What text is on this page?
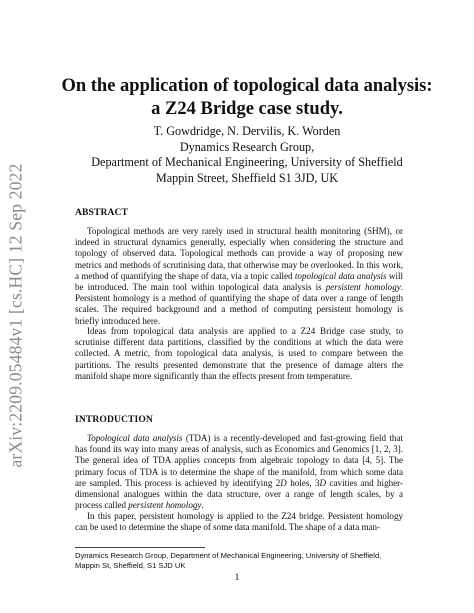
arXiv:2209.05484v1 [cs.HC] 12 Sep 2022
On the application of topological data analysis:
a Z24 Bridge case study.
T. Gowdridge, N. Dervilis, K. Worden
Dynamics Research Group,
Department of Mechanical Engineering, University of Sheffield
Mappin Street, Sheffield S1 3JD, UK
ABSTRACT
Topological methods are very rarely used in structural health monitoring (SHM), or indeed in structural dynamics generally, especially when considering the structure and topology of observed data. Topological methods can provide a way of proposing new metrics and methods of scrutinising data, that otherwise may be overlooked. In this work, a method of quantifying the shape of data, via a topic called topological data analysis will be introduced. The main tool within topological data analysis is persistent homology. Persistent homology is a method of quantifying the shape of data over a range of length scales. The required background and a method of computing persistent homology is briefly introduced here.
Ideas from topological data analysis are applied to a Z24 Bridge case study, to scrutinise different data partitions, classified by the conditions at which the data were collected. A metric, from topological data analysis, is used to compare between the partitions. The results presented demonstrate that the presence of damage alters the manifold shape more significantly than the effects present from temperature.
INTRODUCTION
Topological data analysis (TDA) is a recently-developed and fast-growing field that has found its way into many areas of analysis, such as Economics and Genomics [1, 2, 3]. The general idea of TDA applies concepts from algebraic topology to data [4, 5]. The primary focus of TDA is to determine the shape of the manifold, from which some data are sampled. This process is achieved by identifying 2D holes, 3D cavities and higher-dimensional analogues within the data structure, over a range of length scales, by a process called persistent homology.
In this paper, persistent homology is applied to the Z24 bridge. Persistent homology can be used to determine the shape of some data manifold. The shape of a data man-
Dynamics Research Group, Department of Mechanical Engineering, University of Sheffield, Mappin St, Sheffield, S1 SJD UK
1
